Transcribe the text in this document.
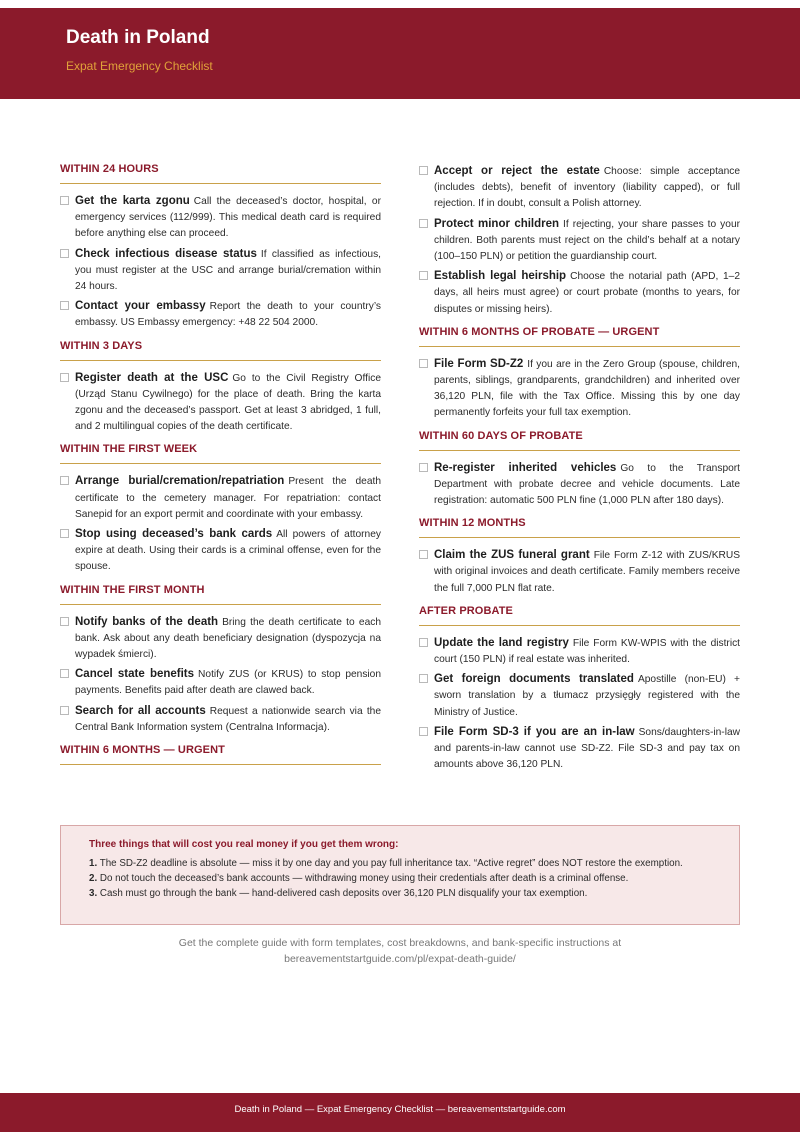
Death in Poland
Expat Emergency Checklist
WITHIN 24 HOURS
Get the karta zgonu Call the deceased’s doctor, hospital, or emergency services (112/999). This medical death card is required before anything else can proceed.
Check infectious disease status If classified as infectious, you must register at the USC and arrange burial/cremation within 24 hours.
Contact your embassy Report the death to your country’s embassy. US Embassy emergency: +48 22 504 2000.
WITHIN 3 DAYS
Register death at the USC Go to the Civil Registry Office (Urząd Stanu Cywilnego) for the place of death. Bring the karta zgonu and the deceased’s passport. Get at least 3 abridged, 1 full, and 2 multilingual copies of the death certificate.
WITHIN THE FIRST WEEK
Arrange burial/cremation/repatriation Present the death certificate to the cemetery manager. For repatriation: contact Sanepid for an export permit and coordinate with your embassy.
Stop using deceased’s bank cards All powers of attorney expire at death. Using their cards is a criminal offense, even for the spouse.
WITHIN THE FIRST MONTH
Notify banks of the death Bring the death certificate to each bank. Ask about any death beneficiary designation (dyspozycja na wypadek śmierci).
Cancel state benefits Notify ZUS (or KRUS) to stop pension payments. Benefits paid after death are clawed back.
Search for all accounts Request a nationwide search via the Central Bank Information system (Centralna Informacja).
WITHIN 6 MONTHS — URGENT
Accept or reject the estate Choose: simple acceptance (includes debts), benefit of inventory (liability capped), or full rejection. If in doubt, consult a Polish attorney.
Protect minor children If rejecting, your share passes to your children. Both parents must reject on the child’s behalf at a notary (100–150 PLN) or petition the guardianship court.
Establish legal heirship Choose the notarial path (APD, 1–2 days, all heirs must agree) or court probate (months to years, for disputes or missing heirs).
WITHIN 6 MONTHS OF PROBATE — URGENT
File Form SD-Z2 If you are in the Zero Group (spouse, children, parents, siblings, grandparents, grandchildren) and inherited over 36,120 PLN, file with the Tax Office. Missing this by one day permanently forfeits your full tax exemption.
WITHIN 60 DAYS OF PROBATE
Re-register inherited vehicles Go to the Transport Department with probate decree and vehicle documents. Late registration: automatic 500 PLN fine (1,000 PLN after 180 days).
WITHIN 12 MONTHS
Claim the ZUS funeral grant File Form Z-12 with ZUS/KRUS with original invoices and death certificate. Family members receive the full 7,000 PLN flat rate.
AFTER PROBATE
Update the land registry File Form KW-WPIS with the district court (150 PLN) if real estate was inherited.
Get foreign documents translated Apostille (non-EU) + sworn translation by a tłumacz przysięgły registered with the Ministry of Justice.
File Form SD-3 if you are an in-law Sons/daughters-in-law and parents-in-law cannot use SD-Z2. File SD-3 and pay tax on amounts above 36,120 PLN.
Three things that will cost you real money if you get them wrong:
1. The SD-Z2 deadline is absolute — miss it by one day and you pay full inheritance tax. “Active regret” does NOT restore the exemption.
2. Do not touch the deceased’s bank accounts — withdrawing money using their credentials after death is a criminal offense.
3. Cash must go through the bank — hand-delivered cash deposits over 36,120 PLN disqualify your tax exemption.
Get the complete guide with form templates, cost breakdowns, and bank-specific instructions at
bereavementstartguide.com/pl/expat-death-guide/
Death in Poland — Expat Emergency Checklist — bereavementstartguide.com
